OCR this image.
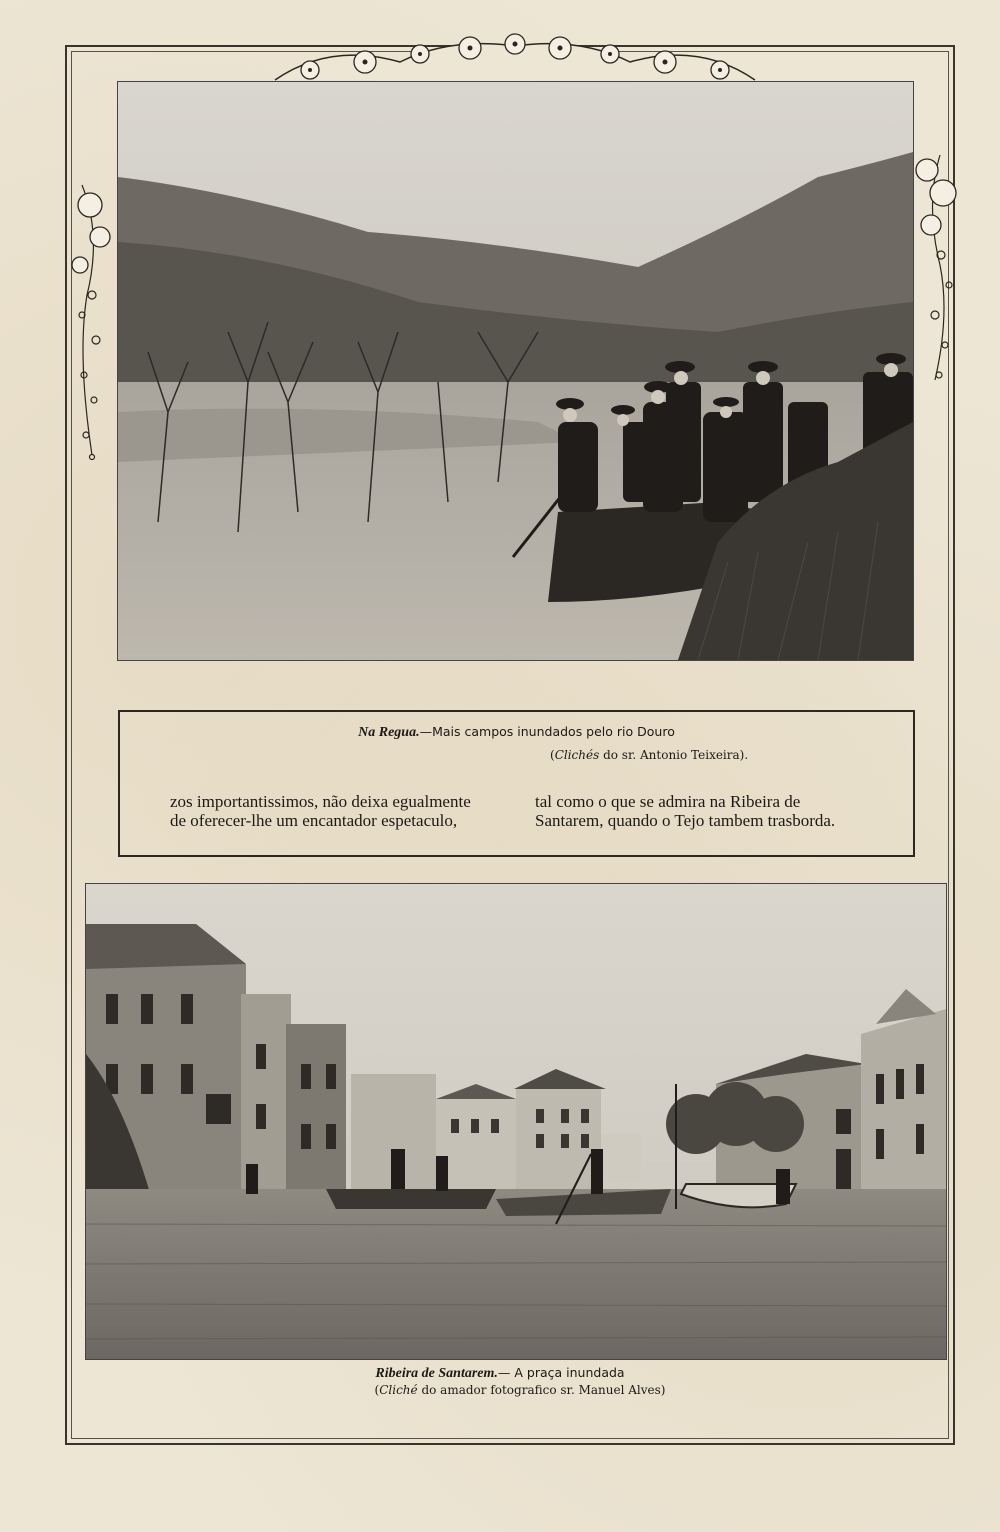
Na Regua.—Mais campos inundados pelo rio Douro
(Clichés do sr. Antonio Teixeira).
zos importantissimos, não deixa egualmente
de oferecer-lhe um encantador espetaculo,
tal como o que se admira na Ribeira de
Santarem, quando o Tejo tambem trasborda.
Ribeira de Santarem.— A praça inundada
(Cliché do amador fotografico sr. Manuel Alves)
